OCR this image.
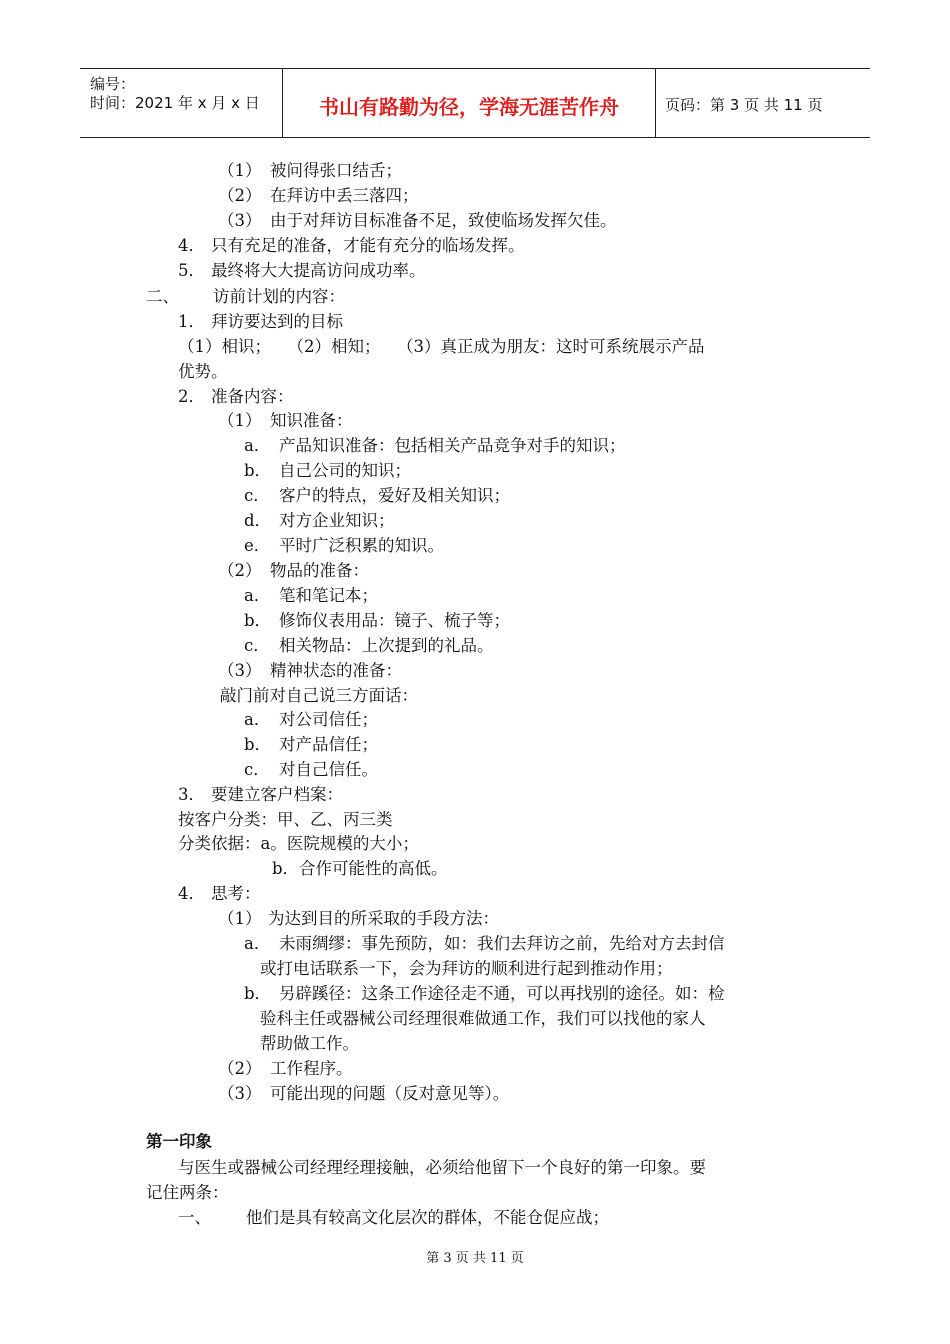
编号：
时间：2021 年 x 月 x 日	书山有路勤为径，学海无涯苦作舟	页码：第 3 页 共 11 页
（1） 被问得张口结舌；
（2） 在拜访中丢三落四；
（3） 由于对拜访目标准备不足，致使临场发挥欠佳。
4． 只有充足的准备，才能有充分的临场发挥。
5． 最终将大大提高访问成功率。
二、 访前计划的内容：
1． 拜访要达到的目标
（1）相识；　　（2）相知；　　（3）真正成为朋友：这时可系统展示产品
优势。
2． 准备内容：
（1） 知识准备：
a． 产品知识准备：包括相关产品竞争对手的知识；
b． 自己公司的知识；
c． 客户的特点，爱好及相关知识；
d． 对方企业知识；
e． 平时广泛积累的知识。
（2） 物品的准备：
a． 笔和笔记本；
b． 修饰仪表用品：镜子、梳子等；
c． 相关物品：上次提到的礼品。
（3） 精神状态的准备：
敲门前对自己说三方面话：
a． 对公司信任；
b． 对产品信任；
c． 对自己信任。
3． 要建立客户档案：
按客户分类：甲、乙、丙三类
分类依据：a。医院规模的大小；
b．合作可能性的高低。
4． 思考：
（1） 为达到目的所采取的手段方法：
a． 未雨绸缪：事先预防，如：我们去拜访之前，先给对方去封信
或打电话联系一下，会为拜访的顺利进行起到推动作用；
b． 另辟蹊径：这条工作途径走不通，可以再找别的途径。如：检
验科主任或器械公司经理很难做通工作，我们可以找他的家人
帮助做工作。
（2） 工作程序。
（3） 可能出现的问题（反对意见等）。
第一印象
与医生或器械公司经理经理接触，必须给他留下一个良好的第一印象。要
记住两条：
一、 他们是具有较高文化层次的群体，不能仓促应战；
第 3 页 共 11 页
